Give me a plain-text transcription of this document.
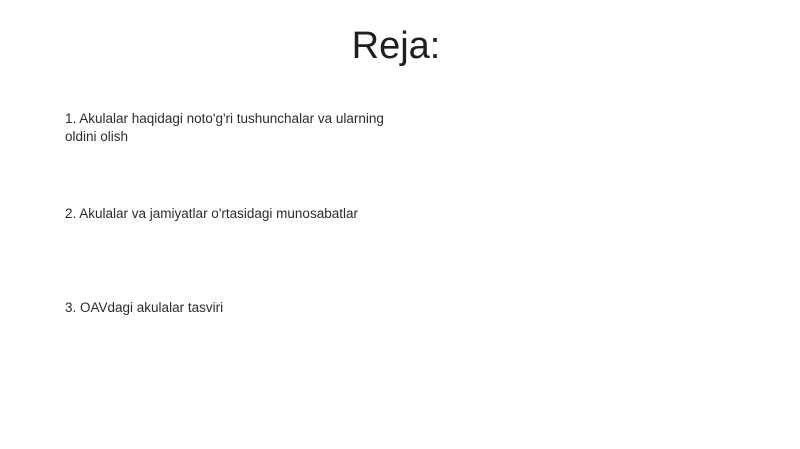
Reja:

1. Akulalar haqidagi noto'g'ri tushunchalar va ularning oldini olish

2. Akulalar va jamiyatlar o'rtasidagi munosabatlar

3. OAVdagi akulalar tasviri
